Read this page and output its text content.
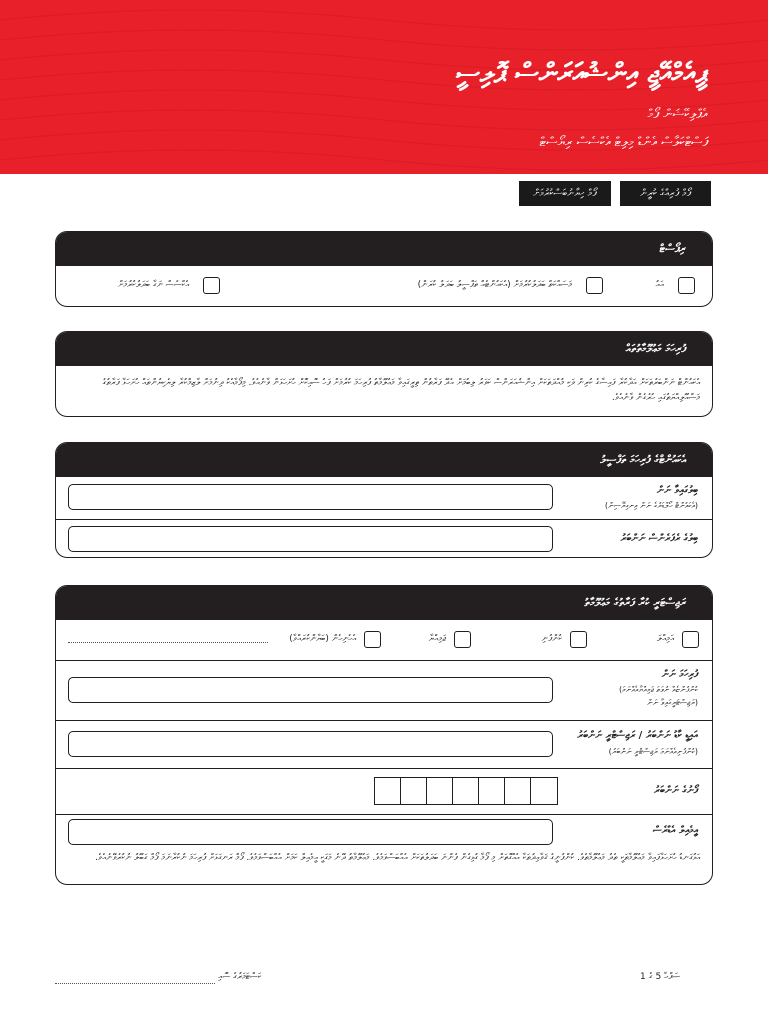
ޕީއެމްއޭޖީ އިންޝުއަރަންސް ޕޮލިސީ
އެޕްލިކޭޝަން ފޯމް
ފަސްޓްކަލާސް އެންޑް މިލިޓް އެކްސެސް ރިޔޯސްޓް
ފޯމް ހިޔާނުބަސްކުރުމަށް	ފޯމް ފުރިއްގެ ކުރީން
ރިޕޯސްޓް
އައު
މަސައްކަތް ބަދަލުކުރުމަށް (އެކައުންޓެއް ތަފްސީލު ބަދަލު ކުރަން)
އެކްސެސް ނަގާ ބަދަލުކުރުމަށް
ފުރިހަމަ މަޢުލޫމާތުތައް
އެކައުންޓް ނަންބަރުތަކަށް އަދާކުރާ ފައިސާގެ ކުރިން ވަކި މުއްދަތަކަށް އިންޝުއަރަންސް ކަވަރު ލިބުމަށް އެދޭ ފަރާތުން ތިރީގައިވާ މަޢުލޫމާތު ފުރިހަމަ ކުރުމަށް ފަހު ސޮއިކޮށް ހުށަހަޅަން ވާނެއެވެ. މިފޯމާއެކު ދިނުމަށް ލާޒިމްކުރާ ލިޔެކިޔުންތައް ހުށަހަޅާ ފަރާތުގެ މަސްއޫލިއްޔަތުގައި ހުރެގެން ވާނެއެވެ.
އެކައުންޓްގެ ފުރިހަމަ ތަފްސީލު
ބިލުގައިވާ ނަން
(އެކައުންޓް ހޯލްޑަރުގެ ނަން އިނގިރޭސިން)
ބިލުގެ ރެފަރެންސް ނަންބަރު
ރަޖިސްޓަރީ ކުރާ ފަރާތުގެ މަޢުލޫމާތު
އަމިއްލަ
ކުންފުނި
ޖަމިއްޔާ
އެހެނިހެން (ބަޔާންކުރައްވާ)
ފުރިހަމަ ނަން
(ކުންފުންޏެއް ނުވަތަ ޖަމިއްޔާއެއްނަމަ
ރަޖިސްޓަރީގައިވާ ނަން)
އައިޑީ ކާޑު ނަންބަރު / ރަޖިސްޓްރީ ނަންބަރު
(ކުންފުނިއެއްނަމަ ރަޖިސްޓްރީ ނަންބަރު)
ފޯނުގެ ނަންބަރު
އީމެއިލް އެޑްރެސް
އަޅުގަނޑު ހުށަހަޅާފައިވާ މަޢުލޫމާތަކީ ތެދު މަޢުލޫމާތެވެ. ކުންފުނީގެ ޤަވާޢިދުތަކާ އެއްގޮތަށް މި ފޯމާ ގުޅިގެން ފެންނަ ބަދަލުތަކަށް އެއްބަސްވަމެވެ. މަޢުލޫމާތު ދޭނެ މަގަކީ އީމެއިލް ކަމަށް އެއްބަސްވަމެވެ. ފޯމް ރަނގަޅަށް ފުރިހަމަ ނުކުރާނަމަ ފޯމް ގަބޫލު ނުކުރެވޭނެއެވެ.
ޞަފްޙާ 5 ގެ 1
ކަސްޓަމަރުގެ ސޮއި
